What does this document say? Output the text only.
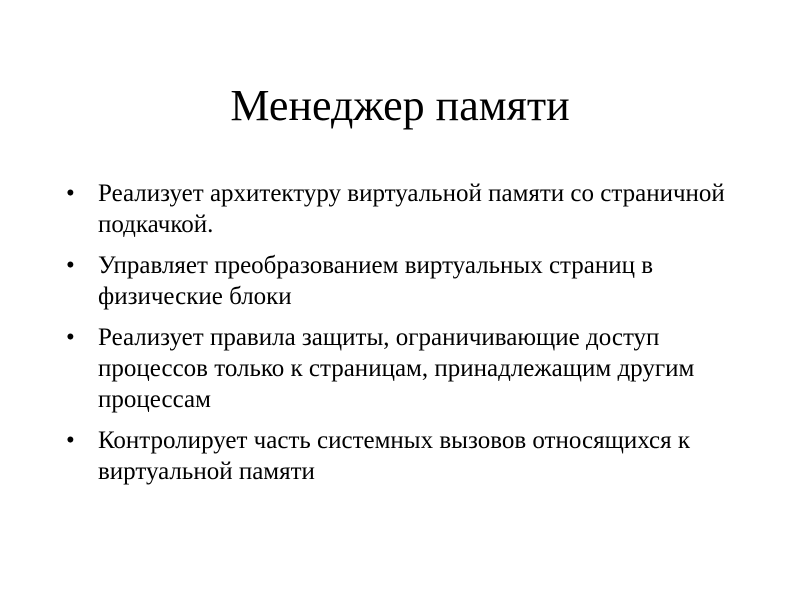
Менеджер памяти
• Реализует архитектуру виртуальной памяти со страничной подкачкой.
• Управляет преобразованием виртуальных страниц в физические блоки
• Реализует правила защиты, ограничивающие доступ процессов только к страницам, принадлежащим другим процессам
• Контролирует часть системных вызовов относящихся к виртуальной памяти
